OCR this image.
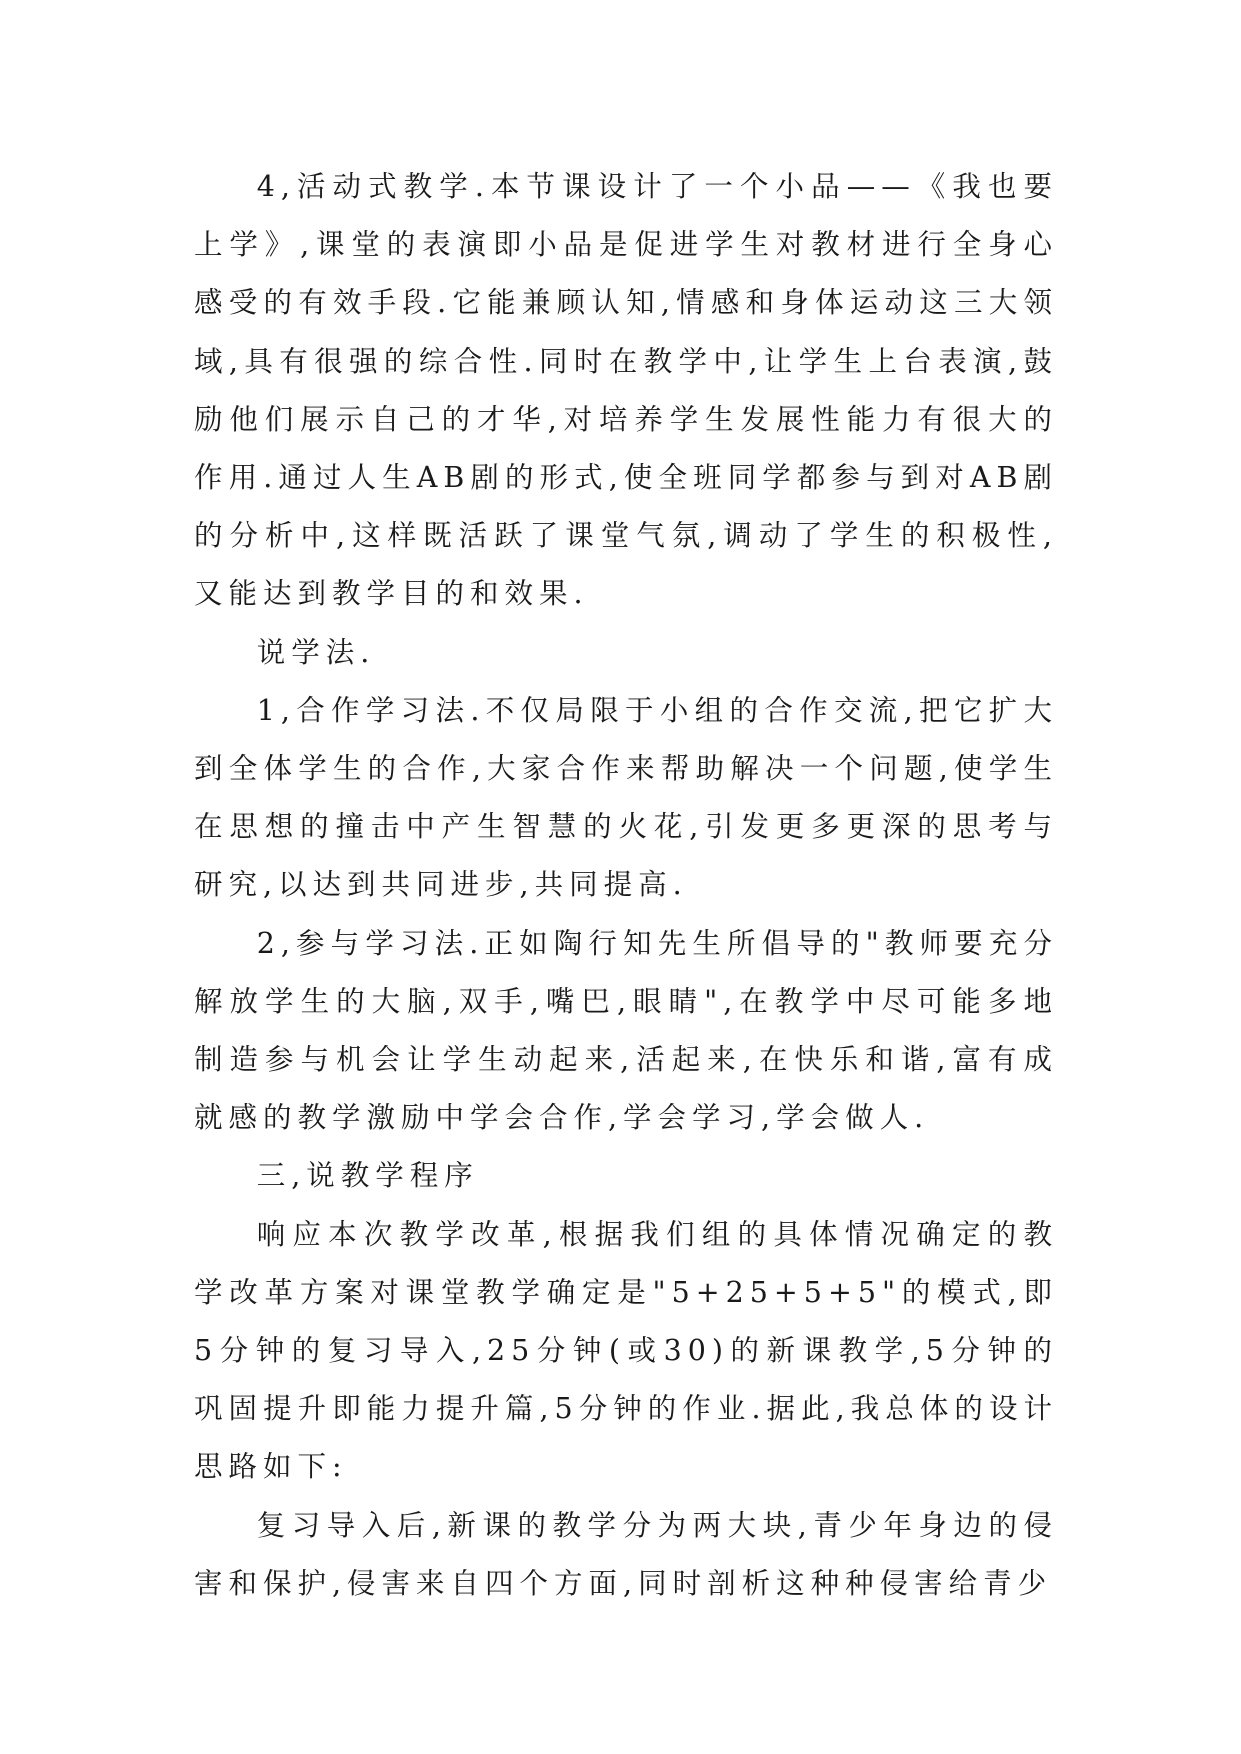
4,活动式教学.本节课设计了一个小品——《我也要上学》,课堂的表演即小品是促进学生对教材进行全身心感受的有效手段.它能兼顾认知,情感和身体运动这三大领域,具有很强的综合性.同时在教学中,让学生上台表演,鼓励他们展示自己的才华,对培养学生发展性能力有很大的作用.通过人生AB剧的形式,使全班同学都参与到对AB剧的分析中,这样既活跃了课堂气氛,调动了学生的积极性,又能达到教学目的和效果.

说学法.

1,合作学习法.不仅局限于小组的合作交流,把它扩大到全体学生的合作,大家合作来帮助解决一个问题,使学生在思想的撞击中产生智慧的火花,引发更多更深的思考与研究,以达到共同进步,共同提高.

2,参与学习法.正如陶行知先生所倡导的"教师要充分解放学生的大脑,双手,嘴巴,眼睛",在教学中尽可能多地制造参与机会让学生动起来,活起来,在快乐和谐,富有成就感的教学激励中学会合作,学会学习,学会做人.

三,说教学程序

响应本次教学改革,根据我们组的具体情况确定的教学改革方案对课堂教学确定是"5+25+5+5"的模式,即5分钟的复习导入,25分钟(或30)的新课教学,5分钟的巩固提升即能力提升篇,5分钟的作业.据此,我总体的设计思路如下:

复习导入后,新课的教学分为两大块,青少年身边的侵害和保护,侵害来自四个方面,同时剖析这种种侵害给青少
